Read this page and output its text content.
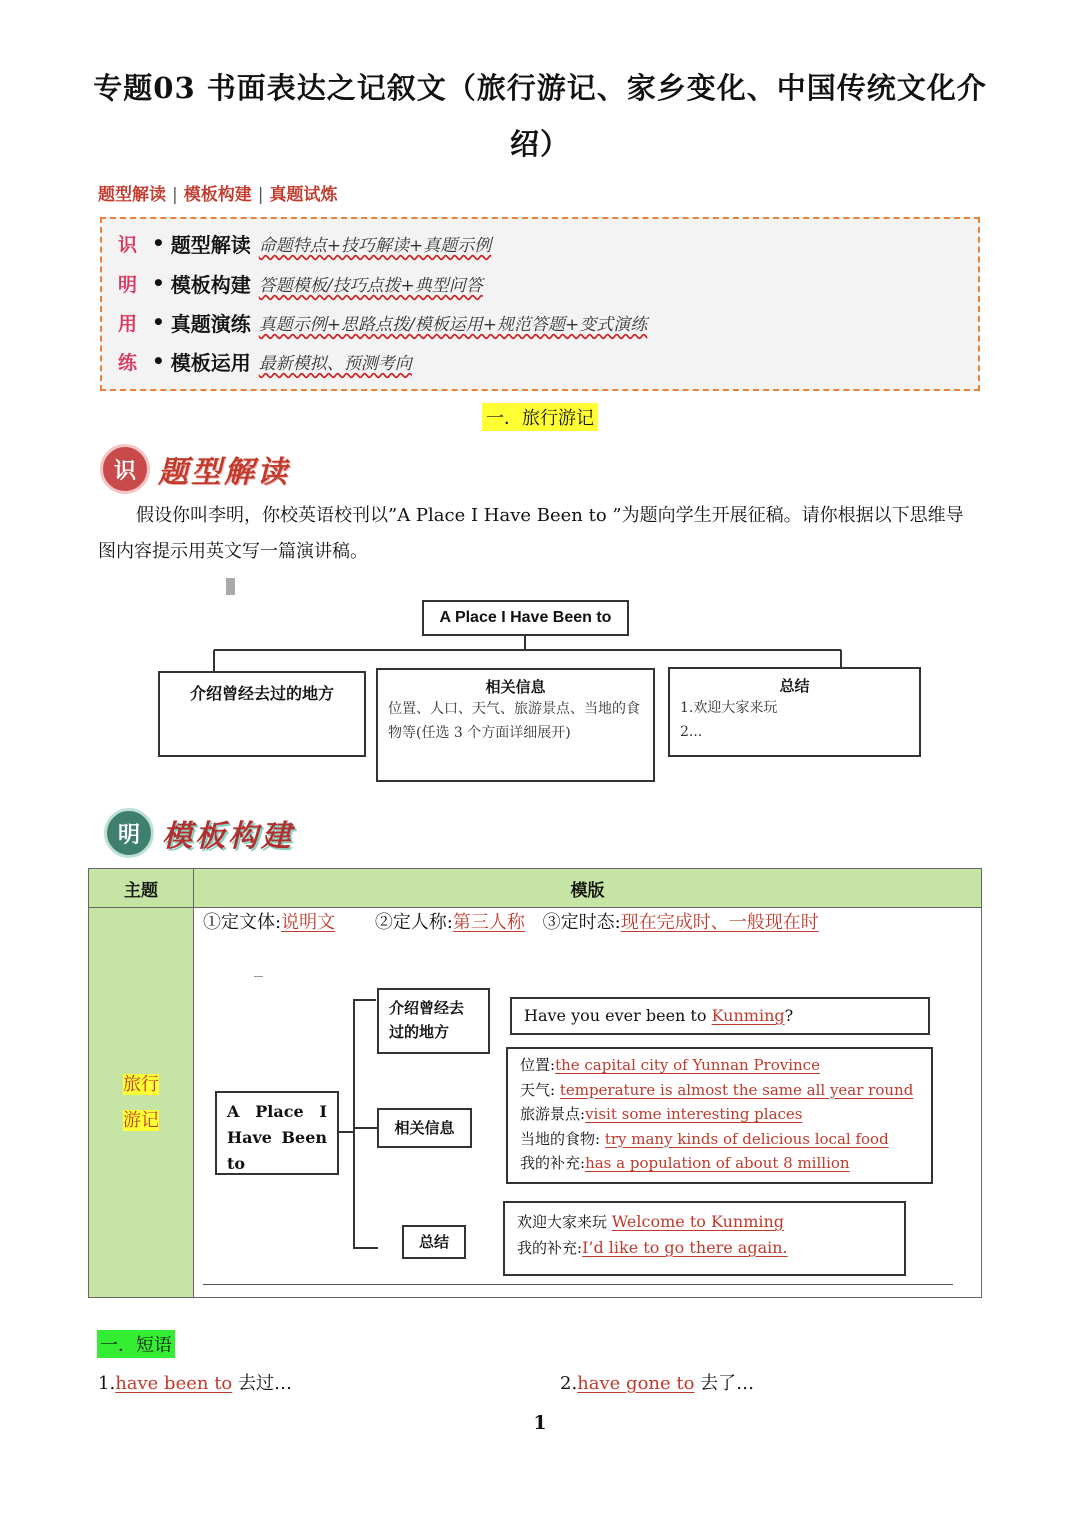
专题03 书面表达之记叙文（旅行游记、家乡变化、中国传统文化介
绍）
题型解读 | 模板构建 | 真题试炼
识 • 题型解读 命题特点+技巧解读+真题示例
明 • 模板构建 答题模板/技巧点拨+典型问答
用 • 真题演练 真题示例+思路点拨/模板运用+规范答题+变式演练
练 • 模板运用 最新模拟、预测考向
一．旅行游记
识 题型解读
假设你叫李明，你校英语校刊以”A Place I Have Been to ”为题向学生开展征稿。请你根据以下思维导
图内容提示用英文写一篇演讲稿。
A Place I Have Been to
介绍曾经去过的地方	相关信息
位置、人口、天气、旅游景点、当地的食物等(任选 3 个方面详细展开)
总结
1.欢迎大家来玩
2...
明 模板构建
主题	模版

旅行
游记	

①定文体:说明文 ②定人称:第三人称 ③定时态:现在完成时、一般现在时
A Place I
Have Been
to
介绍曾经去过的地方
相关信息
总结
Have you ever been to Kunming?
位置:the capital city of Yunnan Province
天气: temperature is almost the same all year round
旅游景点:visit some interesting places
当地的食物: try many kinds of delicious local food
我的补充:has a population of about 8 million
欢迎大家来玩 Welcome to Kunming
我的补充:I’d like to go there again.
一．短语
1.have been to 去过…	2.have gone to 去了…
1
